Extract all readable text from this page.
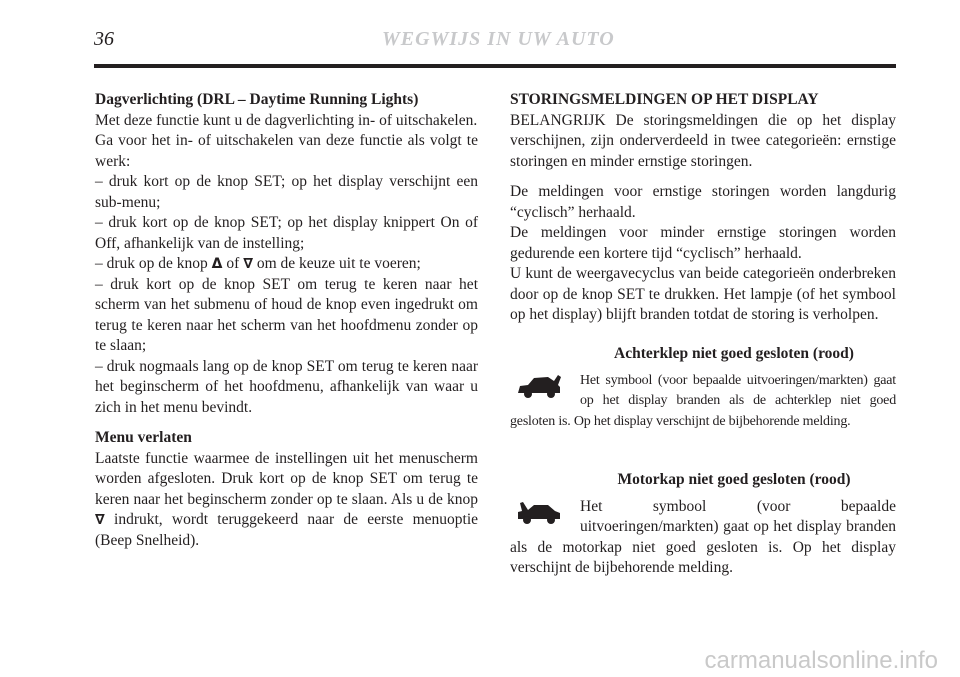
36	WEGWIJS IN UW AUTO

Dagverlichting (DRL – Daytime Running Lights)

Met deze functie kunt u de dagverlichting in- of uitschakelen.

Ga voor het in- of uitschakelen van deze functie als volgt te werk:

– druk kort op de knop SET; op het display verschijnt een sub-menu;

– druk kort op de knop SET; op het display knippert On of Off, afhankelijk van de instelling;

– druk op de knop Δ of ∇ om de keuze uit te voeren;

– druk kort op de knop SET om terug te keren naar het scherm van het submenu of houd de knop even ingedrukt om terug te keren naar het scherm van het hoofdmenu zonder op te slaan;

– druk nogmaals lang op de knop SET om terug te keren naar het beginscherm of het hoofdmenu, afhankelijk van waar u zich in het menu bevindt.

Menu verlaten

Laatste functie waarmee de instellingen uit het menuscherm worden afgesloten. Druk kort op de knop SET om terug te keren naar het beginscherm zonder op te slaan. Als u de knop ∇ indrukt, wordt teruggekeerd naar de eerste menuoptie (Beep Snelheid).

STORINGSMELDINGEN OP HET DISPLAY

BELANGRIJK De storingsmeldingen die op het display verschijnen, zijn onderverdeeld in twee categorieën: ernstige storingen en minder ernstige storingen.

De meldingen voor ernstige storingen worden langdurig “cyclisch” herhaald.

De meldingen voor minder ernstige storingen worden gedurende een kortere tijd “cyclisch” herhaald.

U kunt de weergavecyclus van beide categorieën onderbreken door op de knop SET te drukken. Het lampje (of het symbool op het display) blijft branden totdat de storing is verholpen.

Achterklep niet goed gesloten (rood)

Het symbool (voor bepaalde uitvoeringen/markten) gaat op het display branden als de achterklep niet goed gesloten is. Op het display verschijnt de bijbehorende melding.

Motorkap niet goed gesloten (rood)

Het symbool (voor bepaalde uitvoeringen/markten) gaat op het display branden als de motorkap niet goed gesloten is. Op het display verschijnt de bijbehorende melding.

carmanualsonline.info
